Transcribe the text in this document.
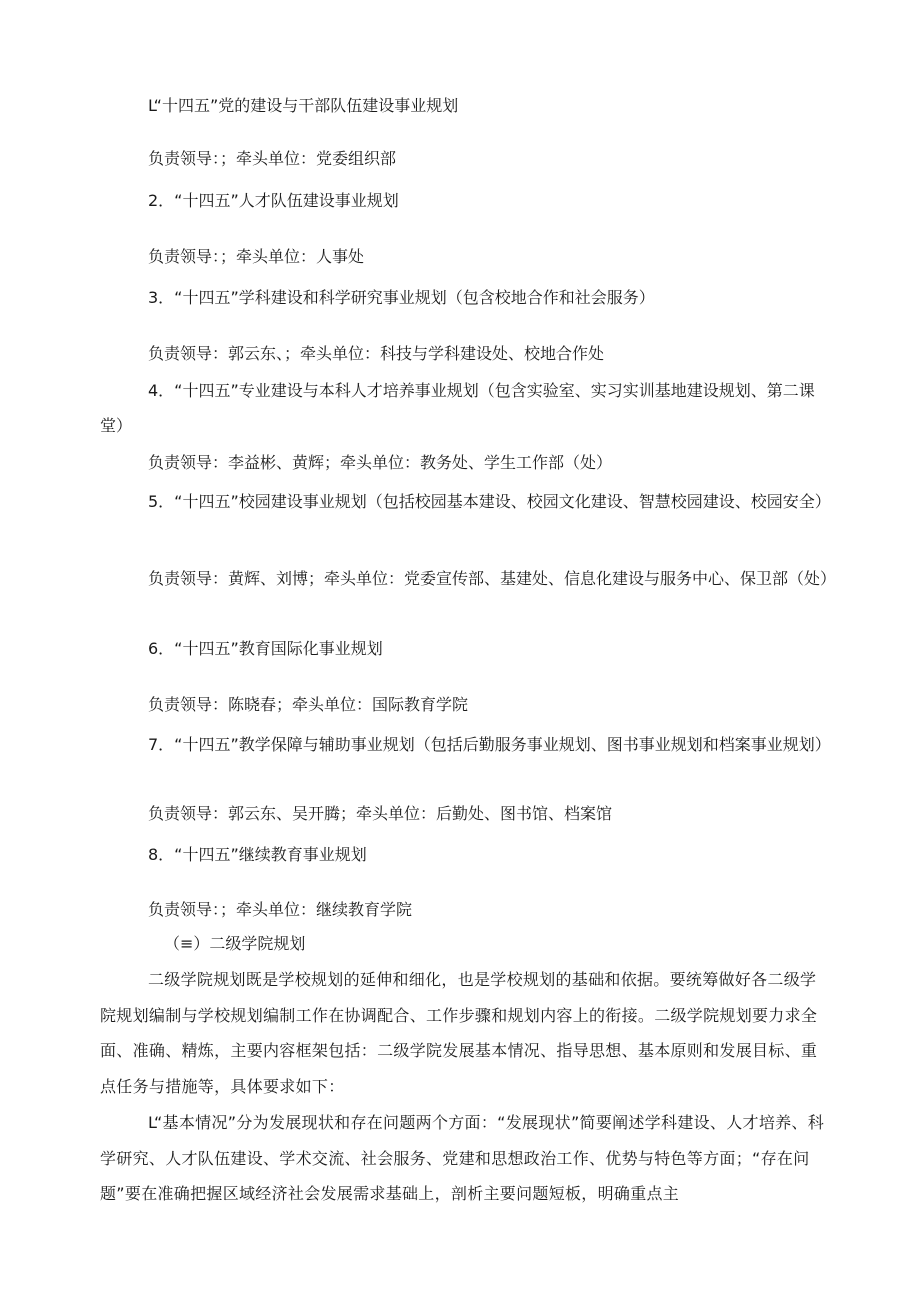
L“十四五”党的建设与干部队伍建设事业规划
负责领导：；牵头单位：党委组织部
2．“十四五”人才队伍建设事业规划
负责领导：；牵头单位：人事处
3．“十四五”学科建设和科学研究事业规划（包含校地合作和社会服务）
负责领导：郭云东、；牵头单位：科技与学科建设处、校地合作处
4．“十四五”专业建设与本科人才培养事业规划（包含实验室、实习实训基地建设规划、第二课堂）
负责领导：李益彬、黄辉；牵头单位：教务处、学生工作部（处）
5．“十四五”校园建设事业规划（包括校园基本建设、校园文化建设、智慧校园建设、校园安全）
负责领导：黄辉、刘博；牵头单位：党委宣传部、基建处、信息化建设与服务中心、保卫部（处）
6．“十四五”教育国际化事业规划
负责领导：陈晓春；牵头单位：国际教育学院
7．“十四五”教学保障与辅助事业规划（包括后勤服务事业规划、图书事业规划和档案事业规划）
负责领导：郭云东、吴开腾；牵头单位：后勤处、图书馆、档案馆
8．“十四五”继续教育事业规划
负责领导：；牵头单位：继续教育学院
（≡）二级学院规划
二级学院规划既是学校规划的延伸和细化，也是学校规划的基础和依据。要统筹做好各二级学院规划编制与学校规划编制工作在协调配合、工作步骤和规划内容上的衔接。二级学院规划要力求全面、准确、精炼，主要内容框架包括：二级学院发展基本情况、指导思想、基本原则和发展目标、重点任务与措施等，具体要求如下：
L“基本情况”分为发展现状和存在问题两个方面：“发展现状”简要阐述学科建设、人才培养、科学研究、人才队伍建设、学术交流、社会服务、党建和思想政治工作、优势与特色等方面；“存在问题”要在准确把握区域经济社会发展需求基础上，剖析主要问题短板，明确重点主
